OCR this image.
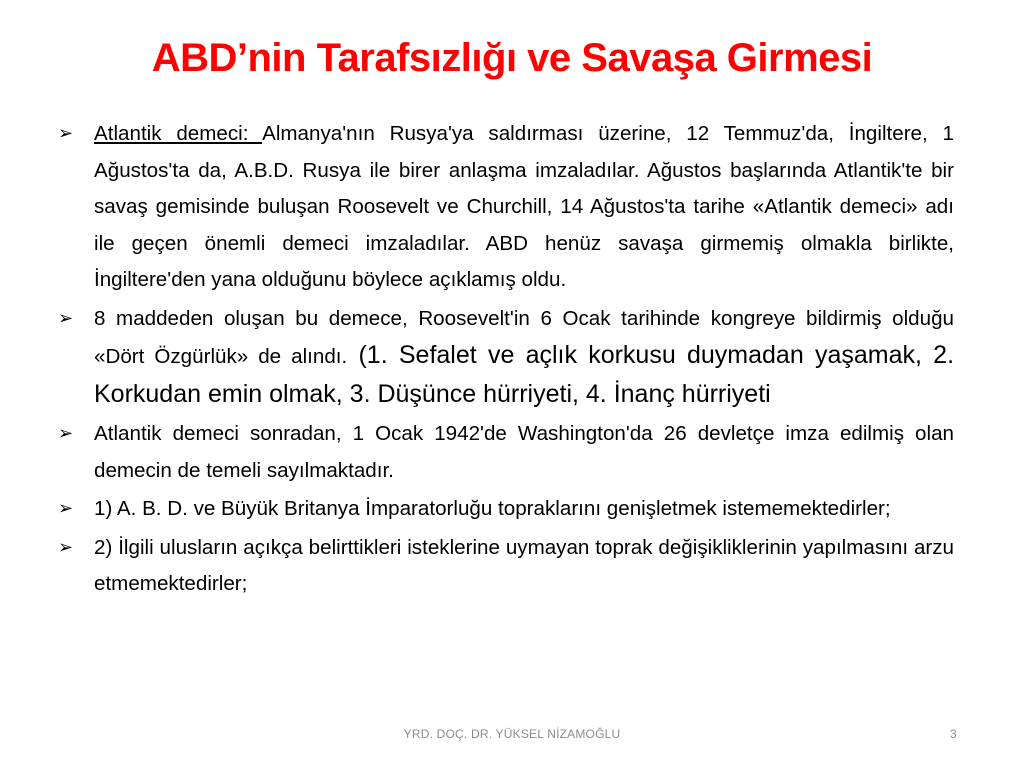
ABD’nin Tarafsızlığı ve Savaşa Girmesi
➢	Atlantik demeci: Almanya'nın Rusya'ya saldırması üzerine, 12 Temmuz'da, İngiltere, 1 Ağustos'ta da, A.B.D. Rusya ile birer anlaşma imzaladılar. Ağustos başlarında Atlantik'te bir savaş gemisinde buluşan Roosevelt ve Churchill, 14 Ağustos'ta tarihe «Atlantik demeci» adı ile geçen önemli demeci imzaladılar. ABD henüz savaşa girmemiş olmakla birlikte, İngiltere'den yana olduğunu böylece açıklamış oldu.
➢	8 maddeden oluşan bu demece, Roosevelt'in 6 Ocak tarihinde kongreye bildirmiş olduğu «Dört Özgürlük» de alındı. (1. Sefalet ve açlık korkusu duymadan yaşamak, 2. Korkudan emin olmak, 3. Düşünce hürriyeti, 4. İnanç hürriyeti
➢	Atlantik demeci sonradan, 1 Ocak 1942'de Washington'da 26 devletçe imza edilmiş olan demecin de temeli sayılmaktadır.
➢	1) A. B. D. ve Büyük Britanya İmparatorluğu topraklarını genişletmek istememektedirler;
➢	2) İlgili ulusların açıkça belirttikleri isteklerine uymayan toprak değişikliklerinin yapılmasını arzu etmemektedirler;
YRD. DOÇ. DR. YÜKSEL NİZAMOĞLU	3
